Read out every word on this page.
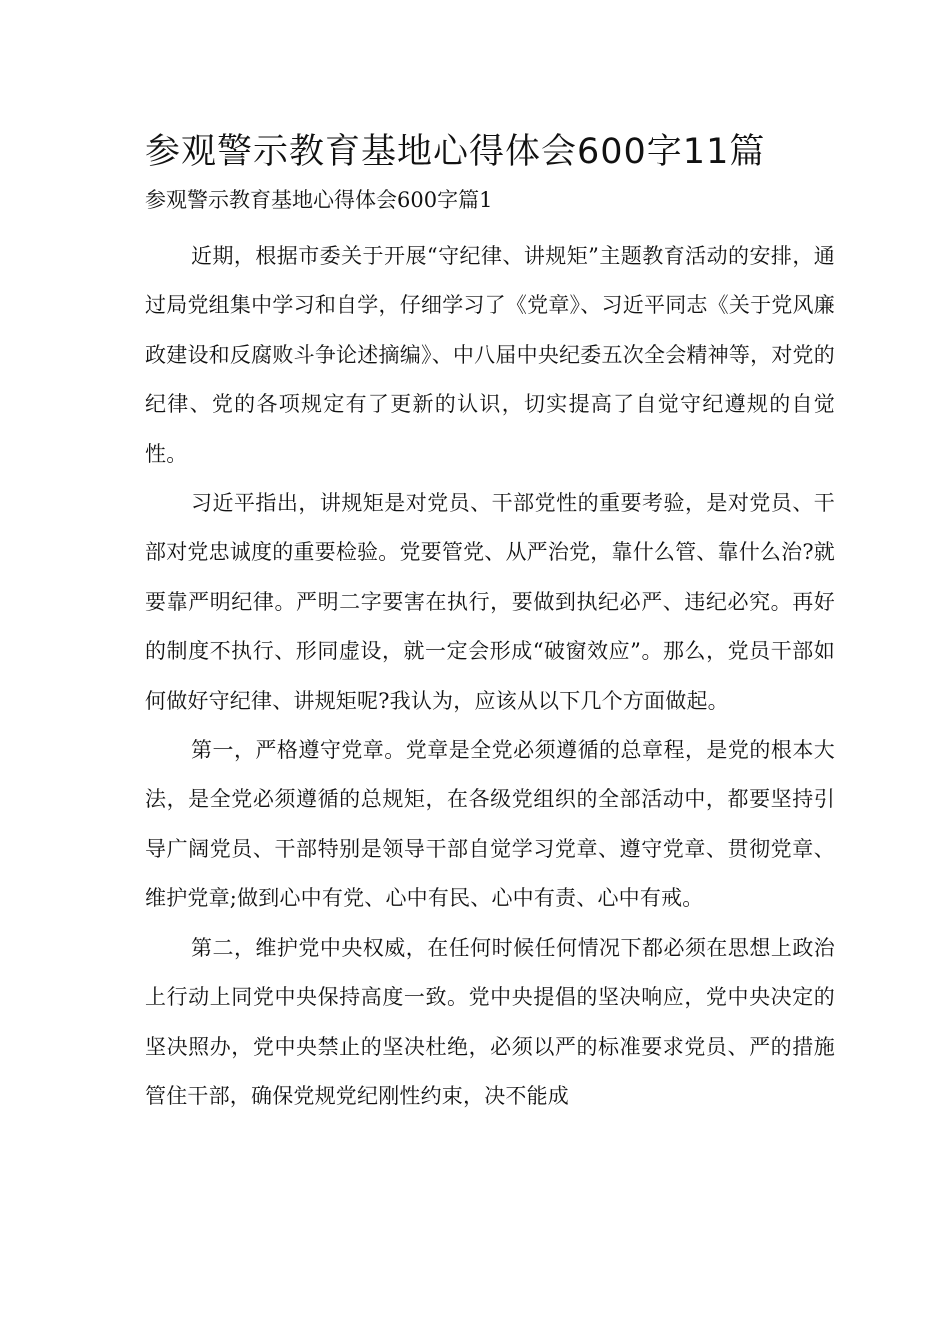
参观警示教育基地心得体会600字11篇
参观警示教育基地心得体会600字篇1

近期，根据市委关于开展“守纪律、讲规矩”主题教育活动的安排，通过局党组集中学习和自学，仔细学习了《党章》、习近平同志《关于党风廉政建设和反腐败斗争论述摘编》、中八届中央纪委五次全会精神等，对党的纪律、党的各项规定有了更新的认识，切实提高了自觉守纪遵规的自觉性。

习近平指出，讲规矩是对党员、干部党性的重要考验，是对党员、干部对党忠诚度的重要检验。党要管党、从严治党，靠什么管、靠什么治?就要靠严明纪律。严明二字要害在执行，要做到执纪必严、违纪必究。再好的制度不执行、形同虚设，就一定会形成“破窗效应”。那么，党员干部如何做好守纪律、讲规矩呢?我认为，应该从以下几个方面做起。

第一，严格遵守党章。党章是全党必须遵循的总章程，是党的根本大法，是全党必须遵循的总规矩，在各级党组织的全部活动中，都要坚持引导广阔党员、干部特别是领导干部自觉学习党章、遵守党章、贯彻党章、维护党章;做到心中有党、心中有民、心中有责、心中有戒。

第二，维护党中央权威，在任何时候任何情况下都必须在思想上政治上行动上同党中央保持高度一致。党中央提倡的坚决响应，党中央决定的坚决照办，党中央禁止的坚决杜绝，必须以严的标准要求党员、严的措施管住干部，确保党规党纪刚性约束，决不能成
